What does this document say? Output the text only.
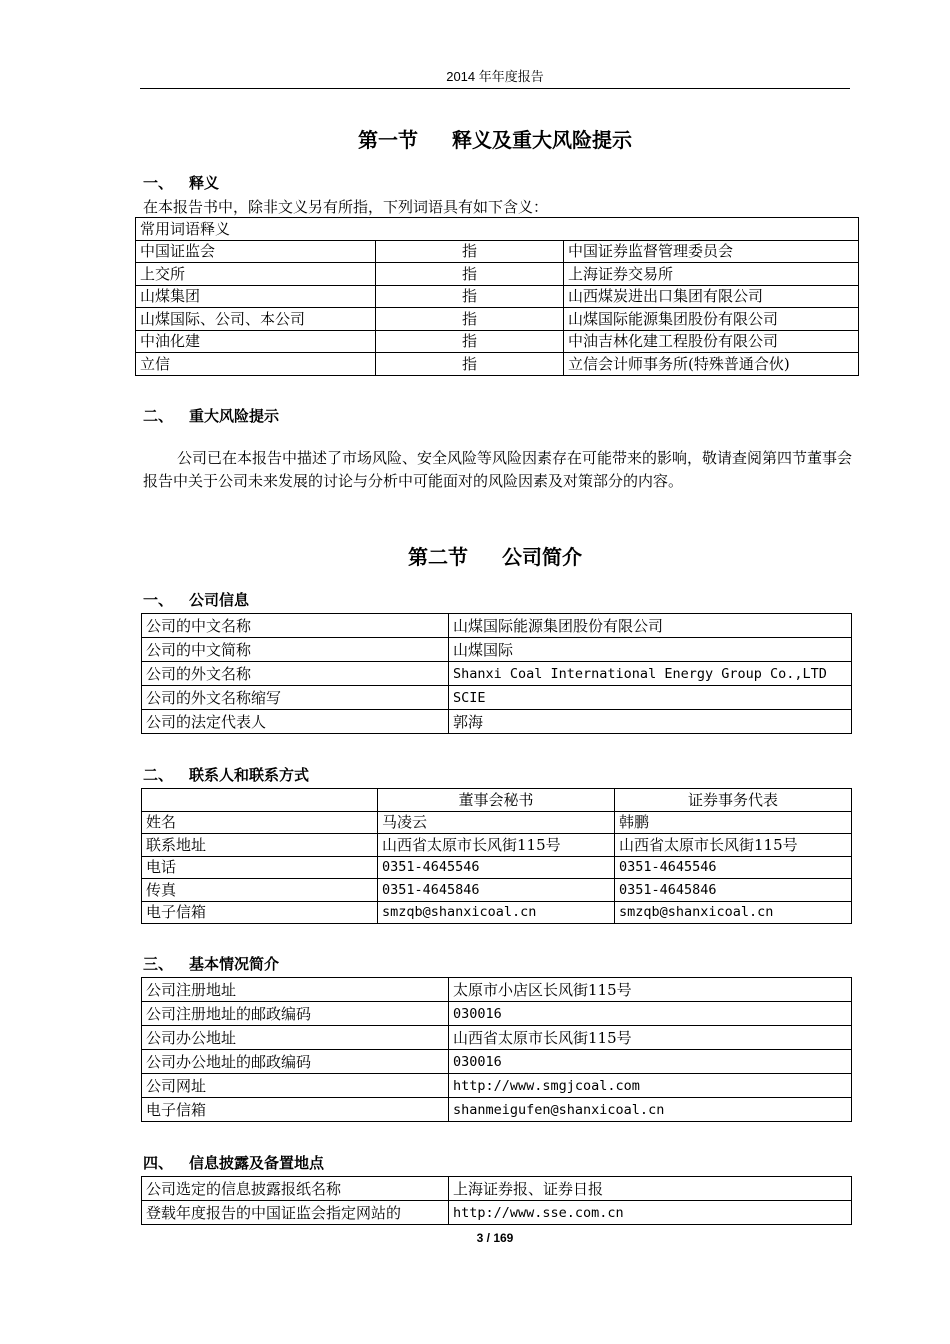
2014 年年度报告
第一节 释义及重大风险提示
一、 释义
在本报告书中，除非文义另有所指，下列词语具有如下含义：
常用词语释义		
中国证监会	指	中国证券监督管理委员会
上交所	指	上海证券交易所
山煤集团	指	山西煤炭进出口集团有限公司
山煤国际、公司、本公司	指	山煤国际能源集团股份有限公司
中油化建	指	中油吉林化建工程股份有限公司
立信	指	立信会计师事务所(特殊普通合伙)
二、 重大风险提示
公司已在本报告中描述了市场风险、安全风险等风险因素存在可能带来的影响，敬请查阅第四节董事会报告中关于公司未来发展的讨论与分析中可能面对的风险因素及对策部分的内容。
第二节 公司简介
一、 公司信息
公司的中文名称	山煤国际能源集团股份有限公司
公司的中文简称	山煤国际
公司的外文名称	Shanxi Coal International Energy Group Co.,LTD
公司的外文名称缩写	SCIE
公司的法定代表人	郭海
二、 联系人和联系方式
	董事会秘书	证券事务代表
姓名	马凌云	韩鹏
联系地址	山西省太原市长风街115号	山西省太原市长风街115号
电话	0351-4645546	0351-4645546
传真	0351-4645846	0351-4645846
电子信箱	smzqb@shanxicoal.cn	smzqb@shanxicoal.cn
三、 基本情况简介
公司注册地址	太原市小店区长风街115号
公司注册地址的邮政编码	030016
公司办公地址	山西省太原市长风街115号
公司办公地址的邮政编码	030016
公司网址	http://www.smgjcoal.com
电子信箱	shanmeigufen@shanxicoal.cn
四、 信息披露及备置地点
公司选定的信息披露报纸名称	上海证券报、证券日报
登载年度报告的中国证监会指定网站的	http://www.sse.com.cn
3 / 169
